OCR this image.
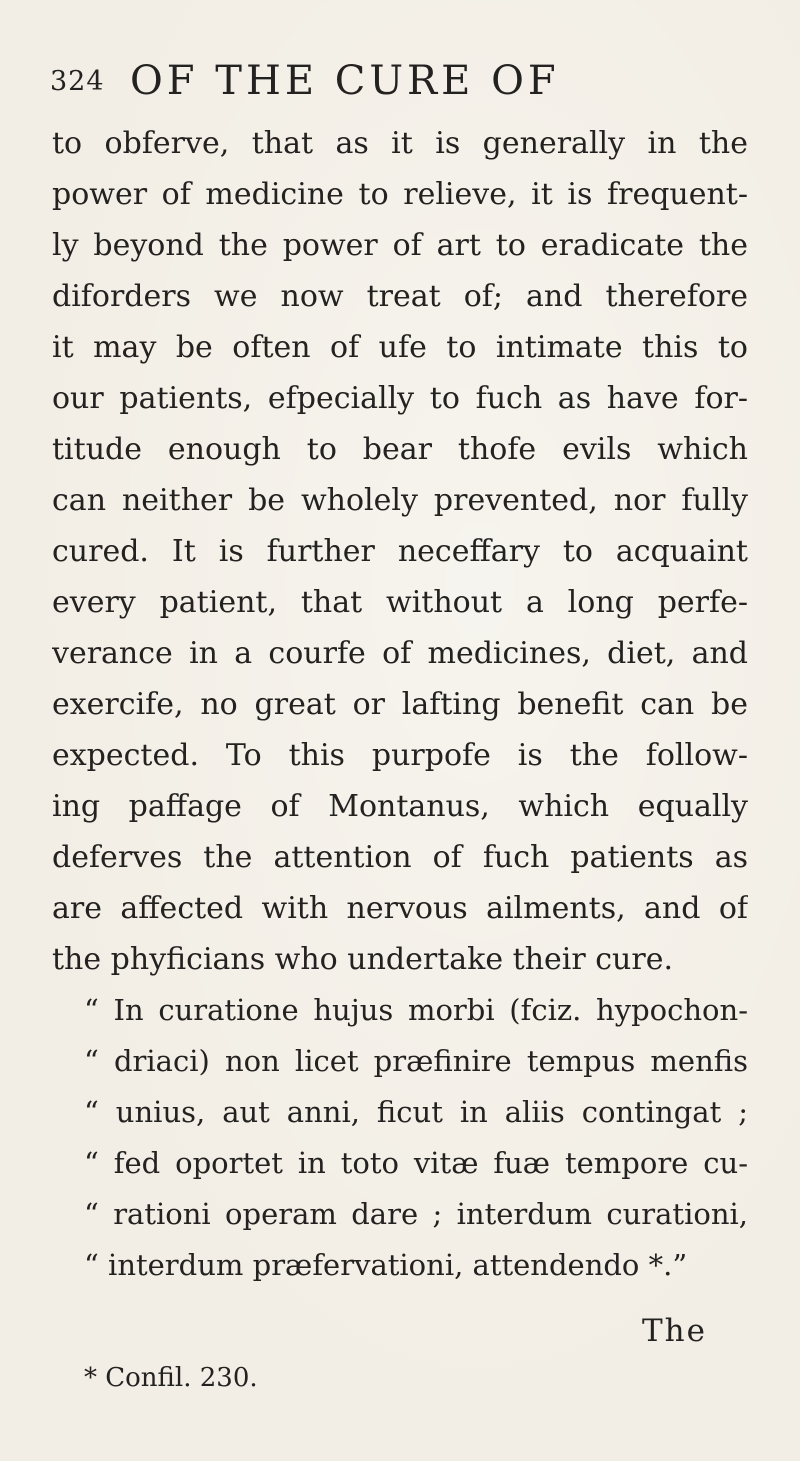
324 OF THE CURE OF
to obferve, that as it is generally in the
power of medicine to relieve, it is frequent-
ly beyond the power of art to eradicate the
diforders we now treat of; and therefore
it may be often of ufe to intimate this to
our patients, efpecially to fuch as have for-
titude enough to bear thofe evils which
can neither be wholely prevented, nor fully
cured. It is further neceffary to acquaint
every patient, that without a long perfe-
verance in a courfe of medicines, diet, and
exercife, no great or lafting benefit can be
expected. To this purpofe is the follow-
ing paffage of Montanus, which equally
deferves the attention of fuch patients as
are affected with nervous ailments, and of
the phyficians who undertake their cure.
“ In curatione hujus morbi (fciz. hypochon-
“ driaci) non licet præfinire tempus menfis
“ unius, aut anni, ficut in aliis contingat ;
“ fed oportet in toto vitæ fuæ tempore cu-
“ rationi operam dare ; interdum curationi,
“ interdum præfervationi, attendendo *.”
The
* Confil. 230.
